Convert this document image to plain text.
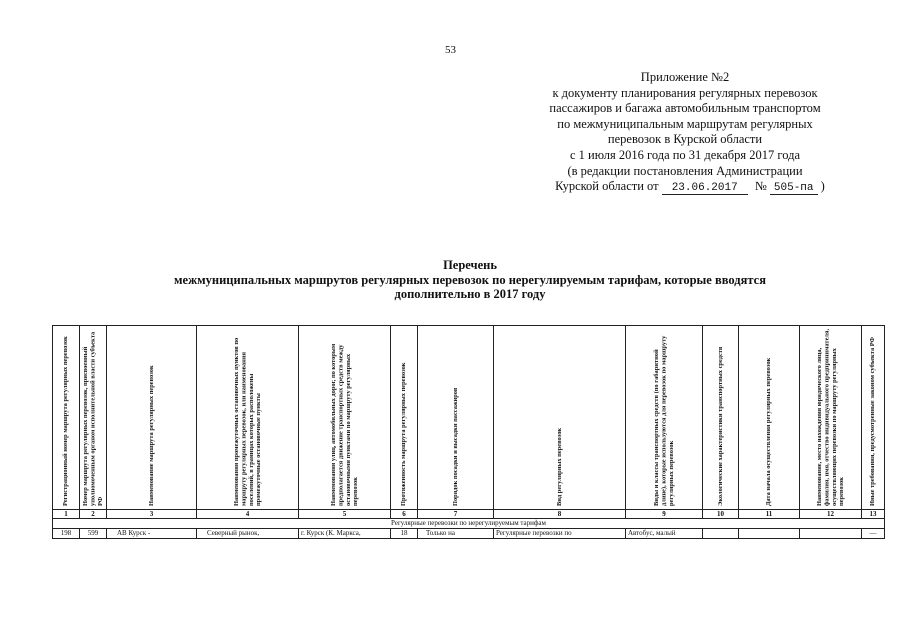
53
Приложение №2
к документу планирования регулярных перевозок
пассажиров и багажа автомобильным транспортом
по межмуниципальным маршрутам регулярных
перевозок в Курской области
с 1 июля 2016 года по 31 декабря 2017 года
(в редакции постановления Администрации
Курской области от 23.06.2017 № 505-па )
Перечень
межмуниципальных маршрутов регулярных перевозок по нерегулируемым тарифам, которые вводятся
дополнительно в 2017 году
Регистрационный номер маршрута регулярных перевозок	Номер маршрута регулярных перевозок, присвоенный уполномоченным органом исполнительной власти субъекта РФ	Наименование маршрута регулярных перевозок	Наименования промежуточных остановочных пунктов по маршруту регулярных перевозок, или наименования поселений, в границах которых расположены промежуточные остановочные пункты	Наименования улиц, автомобильных дорог, по которым предполагается движение транспортных средств между остановочными пунктами по маршруту регулярных перевозок	Протяженность маршрута регулярных перевозок	Порядок посадки и высадки пассажиров	Вид регулярных перевозок	Виды и классы транспортных средств (по габаритной длине), которые используются для перевозок по маршруту регулярных перевозок	Экологические характеристики транспортных средств	Дата начала осуществления регулярных перевозок	Наименование, место нахождения юридического лица, фамилия, имя, отчество индивидуального предпринимателя, осуществляющих перевозки по маршруту регулярных перевозок	Иные требования, предусмотренные законом субъекта РФ

1	2	3	4	5	6	7	8	9	10	11	12	13
Регулярные перевозки по нерегулируемым тарифам												
198	599	АВ Курск -	Северный рынок,	г. Курск (К. Маркса,	18	Только на	Регулярные перевозки по	Автобус, малый				—
